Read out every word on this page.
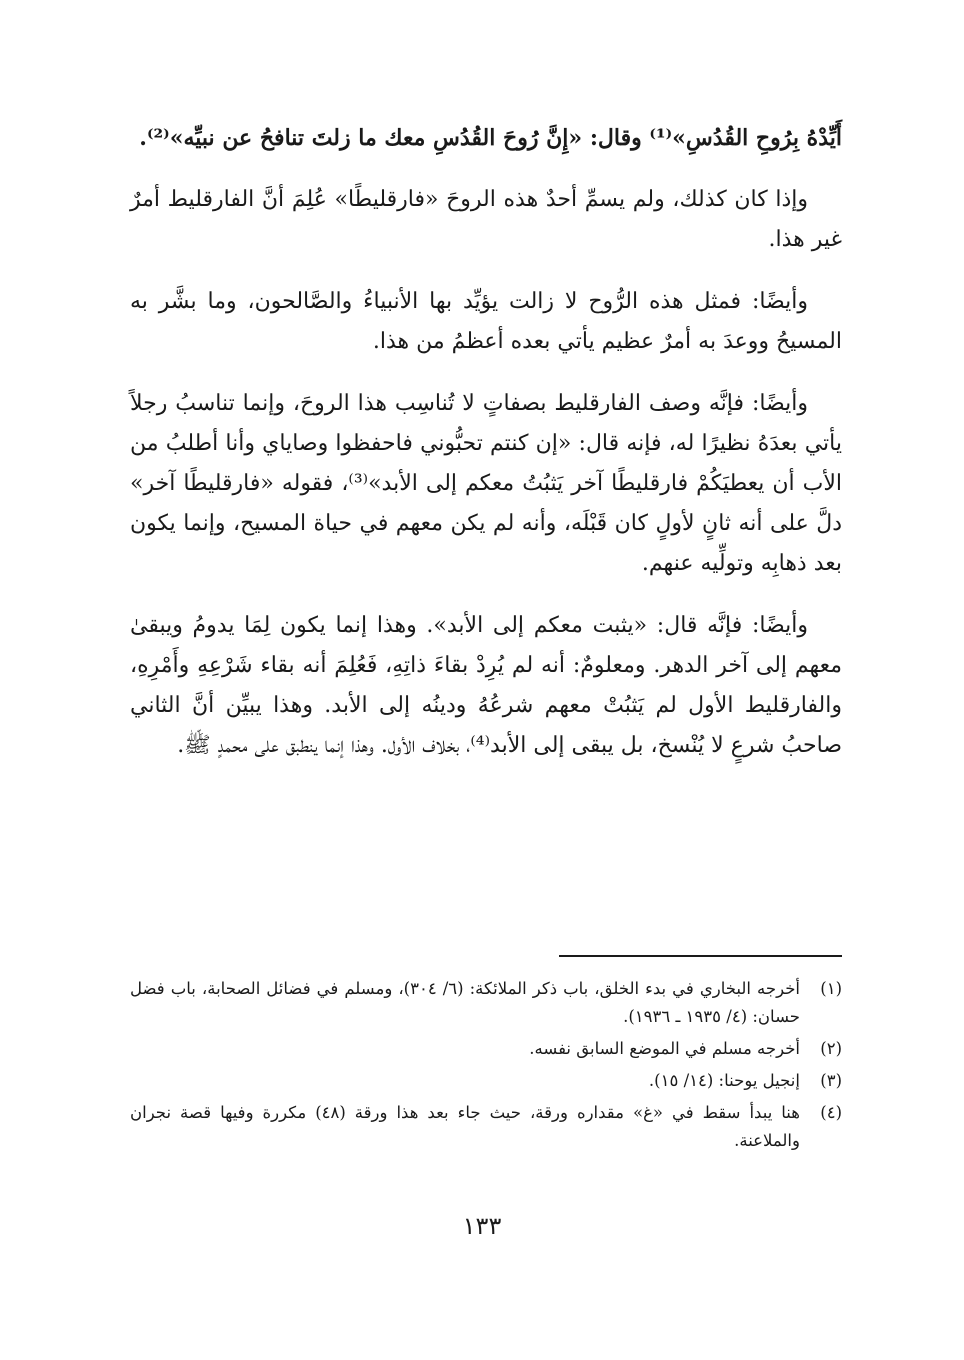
أَيِّدْهُ بِرُوحِ القُدُسِ»⁽¹⁾ وقال: «إِنَّ رُوحَ القُدُسِ معك ما زلتَ تنافحُ عن نبيِّه»⁽²⁾.

وإذا كان كذلك، ولم يسمِّ أحدٌ هذه الروحَ «فارقليطًا» عُلِمَ أنَّ الفارقليط أمرٌ غير هذا.

وأيضًا: فمثل هذه الرُّوح لا زالت يؤيِّد بها الأنبياءُ والصَّالحون، وما بشَّر به المسيحُ ووعدَ به أمرٌ عظيم يأتي بعده أعظمُ من هذا.

وأيضًا: فإنَّه وصف الفارقليط بصفاتٍ لا تُناسِب هذا الروحَ، وإنما تناسبُ رجلاً يأتي بعدَهُ نظيرًا له، فإنه قال: «إن كنتم تحبُّوني فاحفظوا وصاياي وأنا أطلبُ من الأب أن يعطيَكُمْ فارقليطًا آخر يَثبُتُ معكم إلى الأبد»⁽³⁾، فقوله «فارقليطًا آخر» دلَّ على أنه ثانٍ لأولٍ كان قَبْلَه، وأنه لم يكن معهم في حياة المسيح، وإنما يكون بعد ذهابِه وتولِّيه عنهم.

وأيضًا: فإنَّه قال: «يثبت معكم إلى الأبد». وهذا إنما يكون لِمَا يدومُ ويبقىٰ معهم إلى آخر الدهر. ومعلومٌ: أنه لم يُرِدْ بقاءَ ذاتِهِ، فَعُلِمَ أنه بقاء شَرْعِهِ وأَمْرِهِ، والفارقليط الأول لم يَثبُتْ معهم شرعُهُ ودينُه إلى الأبد. وهذا يبيِّن أنَّ الثاني صاحبُ شرعٍ لا يُنْسخ، بل يبقى إلى الأبد⁽⁴⁾، بخلاف الأول. وهذا إنما ينطبق على محمدٍ ﷺ.

(١)
أخرجه البخاري في بدء الخلق، باب ذكر الملائكة: (٦/ ٣٠٤)، ومسلم في فضائل الصحابة، باب فضل حسان: (٤/ ١٩٣٥ ـ ١٩٣٦).
(٢)
أخرجه مسلم في الموضع السابق نفسه.
(٣)
إنجيل يوحنا: (١٤/ ١٥).
(٤)
هنا يبدأ سقط في «غ» مقداره ورقة، حيث جاء بعد هذا ورقة (٤٨) مكررة وفيها قصة نجران والملاعنة.
١٣٣
